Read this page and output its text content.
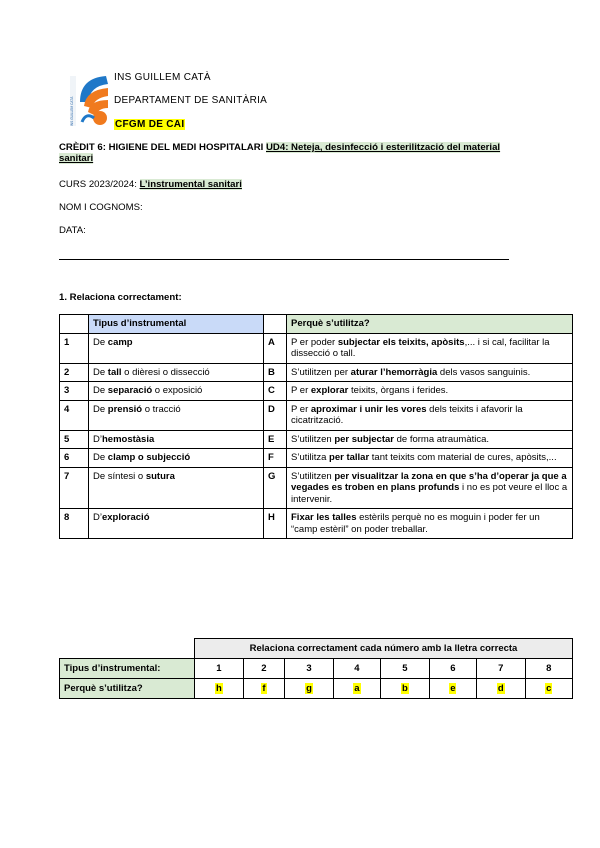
INS GUILLEM CATÀ
INS GUILLEM CATÀ
DEPARTAMENT DE SANITÀRIA
CFGM DE CAI
CRÈDIT 6: HIGIENE DEL MEDI HOSPITALARI UD4: Neteja, desinfecció i esterilització del material sanitari
CURS 2023/2024: L’instrumental sanitari
NOM I COGNOMS:
DATA:
1. Relaciona correctament:
	Tipus d’instrumental		Perquè s’utilitza?
1	De camp	A	P er poder subjectar els teixits, apòsits,... i si cal, facilitar la dissecció o tall.
2	De tall o dièresi o dissecció	B	S’utilitzen per aturar l’hemorràgia dels vasos sanguinis.
3	De separació o exposició	C	P er explorar teixits, òrgans i ferides.
4	De prensió o tracció	D	P er aproximar i unir les vores dels teixits i afavorir la cicatrització.
5	D’hemostàsia	E	S’utilitzen per subjectar de forma atraumàtica.
6	De clamp o subjecció	F	S’utilitza per tallar tant teixits com material de cures, apòsits,...
7	De síntesi o sutura	G	S’utilitzen per visualitzar la zona en que s’ha d’operar ja que a vegades es troben en plans profunds i no es pot veure el lloc a intervenir.
8	D’exploració	H	Fixar les talles estèrils perquè no es moguin i poder fer un “camp estèril” on poder treballar.
	Relaciona correctament cada número amb la lletra correcta							
Tipus d’instrumental:	1	2	3	4	5	6	7	8
Perquè s’utilitza?	h	f	g	a	b	e	d	c
